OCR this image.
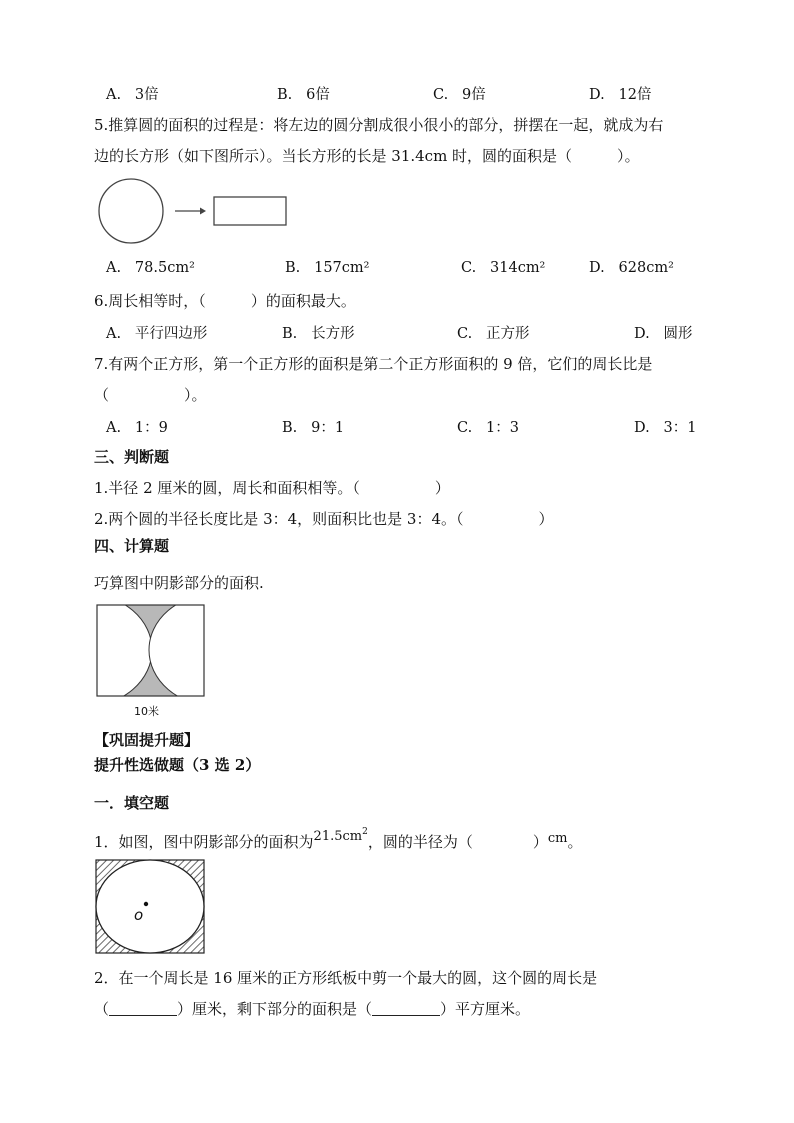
A. 3倍	B. 6倍	C. 9倍	D. 12倍
5.推算圆的面积的过程是：将左边的圆分割成很小很小的部分，拼摆在一起，就成为右
边的长方形（如下图所示）。当长方形的长是 31.4cm 时，圆的面积是（　　　）。
A. 78.5cm²	B. 157cm²	C. 314cm²	D. 628cm²
6.周长相等时，（　　　）的面积最大。
A. 平行四边形	B. 长方形	C. 正方形	D. 圆形
7.有两个正方形，第一个正方形的面积是第二个正方形面积的 9 倍，它们的周长比是
（　　　　　）。
A. 1：9	B. 9：1	C. 1：3	D. 3：1
三、判断题
1.半径 2 厘米的圆，周长和面积相等。（　　　　　）
2.两个圆的半径长度比是 3：4，则面积比也是 3：4。（　　　　　）
四、计算题
巧算图中阴影部分的面积.
10米
【巩固提升题】
提升性选做题（3 选 2）
一．填空题
1．如图，图中阴影部分的面积为$21.5cm^2$，圆的半径为（　　　　）cm。
o
2．在一个周长是 16 厘米的正方形纸板中剪一个最大的圆，这个圆的周长是
（	）厘米，剩下部分的面积是（	）平方厘米。
